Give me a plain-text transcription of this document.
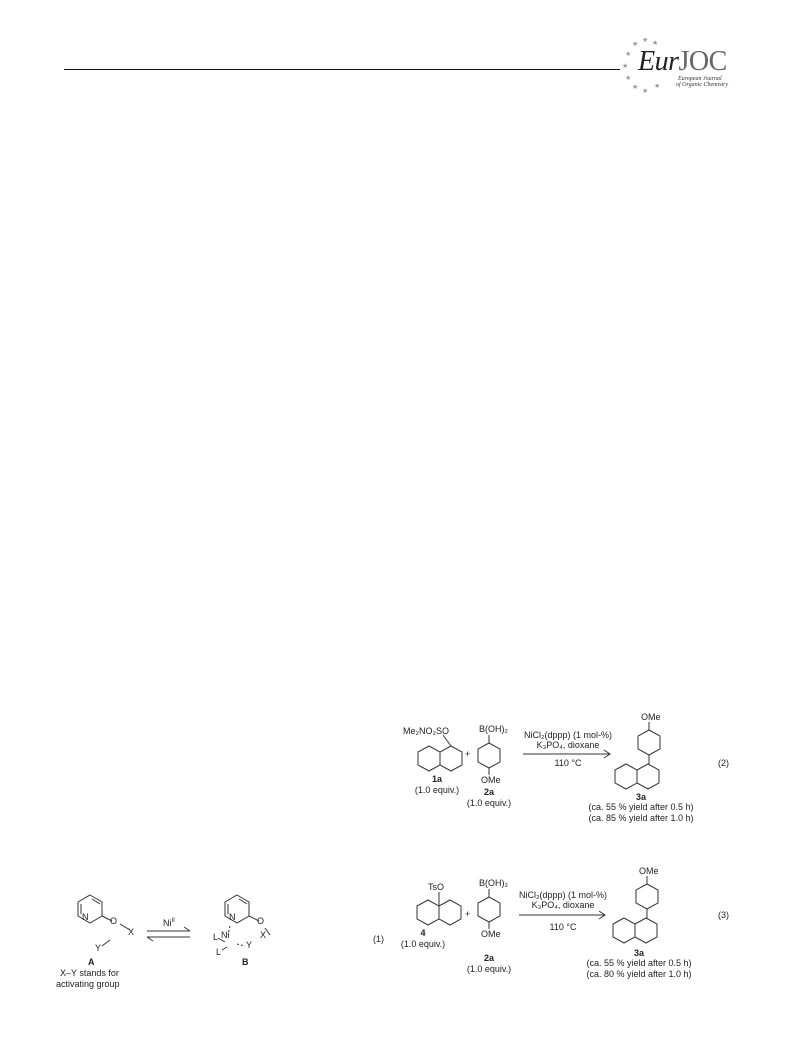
★ ★ ★
★
★
★
★ ★
★
EurJOC
European Journal
of Organic Chemistry
N O
X
Y
A
X–Y stands for
activating group
$Ni^{II}$	N O
Ni
Y
X
L
L
B
(1)
Me₂NO₂SO
1a
(1.0 equiv.)
+
B(OH)₂
OMe
2a
(1.0 equiv.)
NiCl₂(dppp) (1 mol-%)
K₃PO₄, dioxane
110 °C
OMe
3a
(ca. 55 % yield after 0.5 h)
(ca. 85 % yield after 1.0 h)
(2)
TsO
4
(1.0 equiv.)
+
B(OH)₂
OMe
2a
(1.0 equiv.)
NiCl₂(dppp) (1 mol-%)
K₃PO₄, dioxane
110 °C
OMe
3a
(ca. 55 % yield after 0.5 h)
(ca. 80 % yield after 1.0 h)
(3)
